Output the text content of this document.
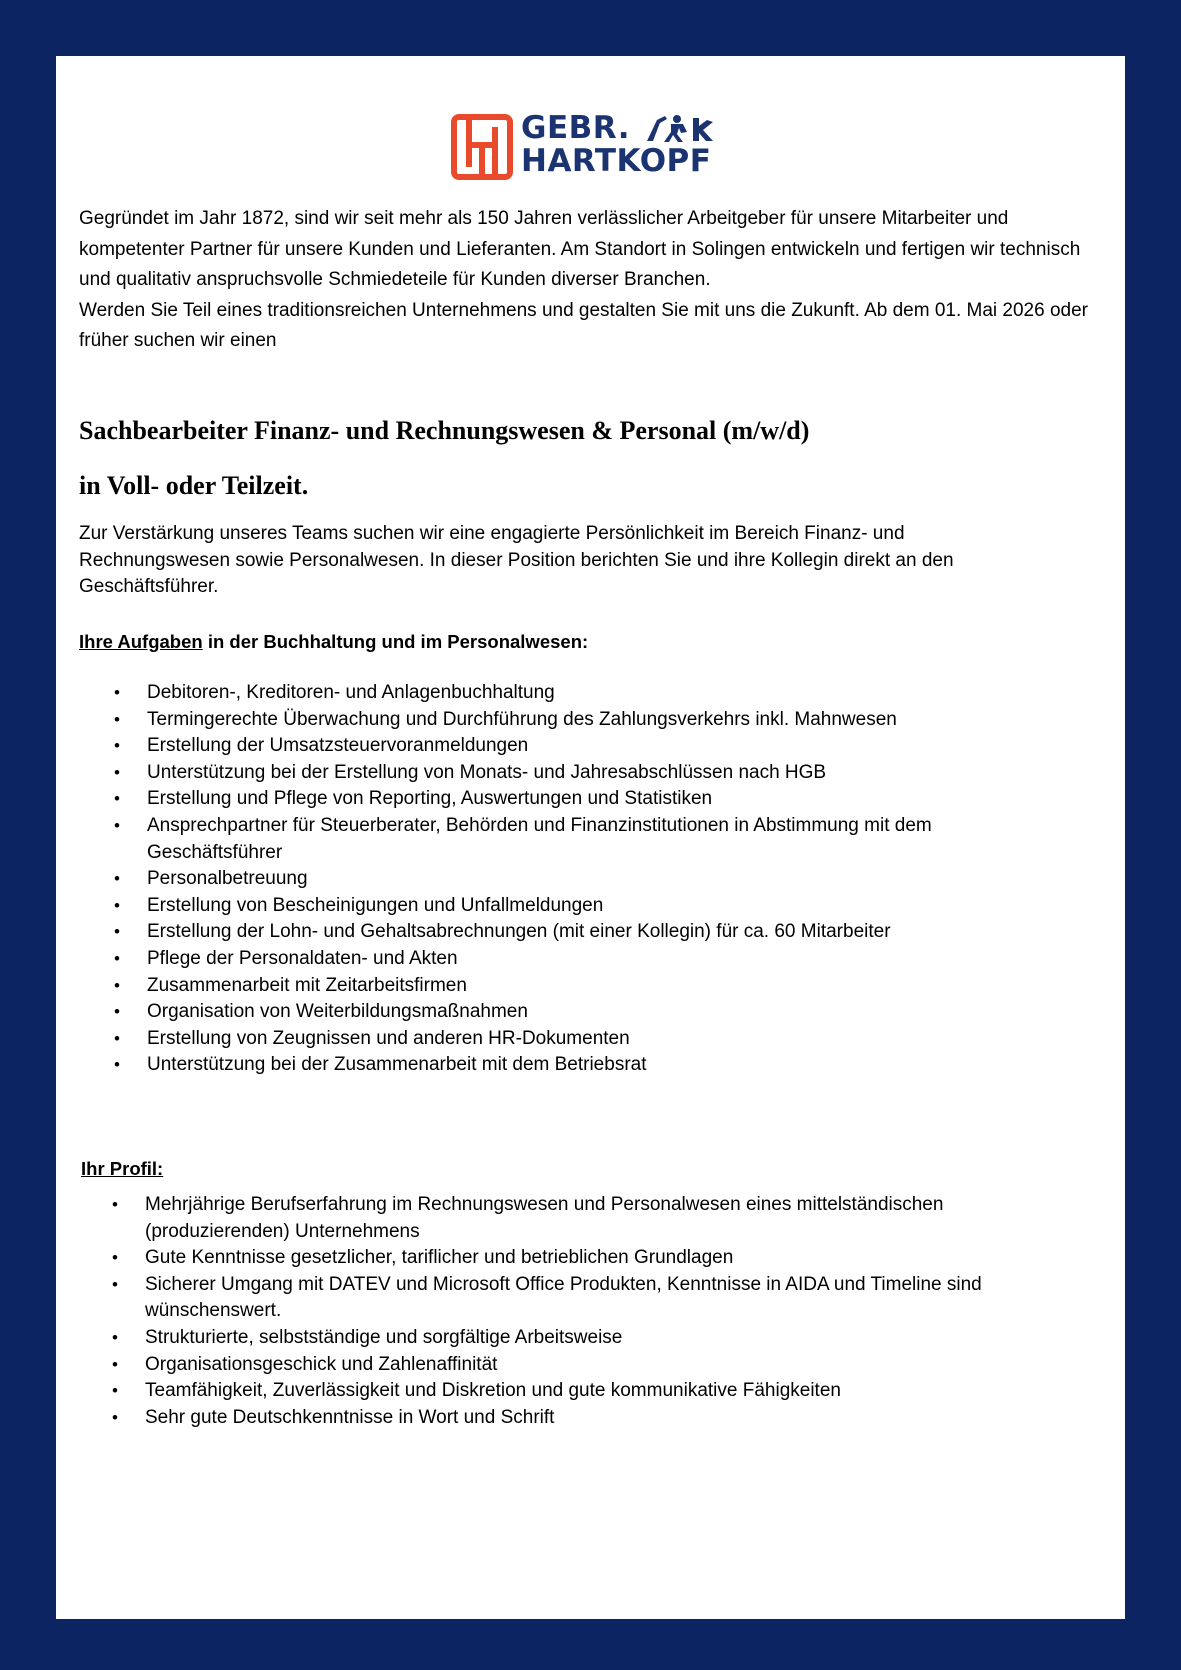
GEBR.
HARTKOPF

Gegründet im Jahr 1872, sind wir seit mehr als 150 Jahren verlässlicher Arbeitgeber für unsere Mitarbeiter und kompetenter Partner für unsere Kunden und Lieferanten. Am Standort in Solingen entwickeln und fertigen wir technisch und qualitativ anspruchsvolle Schmiedeteile für Kunden diverser Branchen.

Werden Sie Teil eines traditionsreichen Unternehmens und gestalten Sie mit uns die Zukunft. Ab dem 01. Mai 2026 oder früher suchen wir einen

Sachbearbeiter Finanz- und Rechnungswesen & Personal (m/w/d)
in Voll- oder Teilzeit.

Zur Verstärkung unseres Teams suchen wir eine engagierte Persönlichkeit im Bereich Finanz- und Rechnungswesen sowie Personalwesen. In dieser Position berichten Sie und ihre Kollegin direkt an den Geschäftsführer.

Ihre Aufgaben in der Buchhaltung und im Personalwesen:
• Debitoren-, Kreditoren- und Anlagenbuchhaltung
• Termingerechte Überwachung und Durchführung des Zahlungsverkehrs inkl. Mahnwesen
• Erstellung der Umsatzsteuervoranmeldungen
• Unterstützung bei der Erstellung von Monats- und Jahresabschlüssen nach HGB
• Erstellung und Pflege von Reporting, Auswertungen und Statistiken
• Ansprechpartner für Steuerberater, Behörden und Finanzinstitutionen in Abstimmung mit dem Geschäftsführer
• Personalbetreuung
• Erstellung von Bescheinigungen und Unfallmeldungen
• Erstellung der Lohn- und Gehaltsabrechnungen (mit einer Kollegin) für ca. 60 Mitarbeiter
• Pflege der Personaldaten- und Akten
• Zusammenarbeit mit Zeitarbeitsfirmen
• Organisation von Weiterbildungsmaßnahmen
• Erstellung von Zeugnissen und anderen HR-Dokumenten
• Unterstützung bei der Zusammenarbeit mit dem Betriebsrat
Ihr Profil:
• Mehrjährige Berufserfahrung im Rechnungswesen und Personalwesen eines mittelständischen (produzierenden) Unternehmens
• Gute Kenntnisse gesetzlicher, tariflicher und betrieblichen Grundlagen
• Sicherer Umgang mit DATEV und Microsoft Office Produkten, Kenntnisse in AIDA und Timeline sind wünschenswert.
• Strukturierte, selbstständige und sorgfältige Arbeitsweise
• Organisationsgeschick und Zahlenaffinität
• Teamfähigkeit, Zuverlässigkeit und Diskretion und gute kommunikative Fähigkeiten
• Sehr gute Deutschkenntnisse in Wort und Schrift
